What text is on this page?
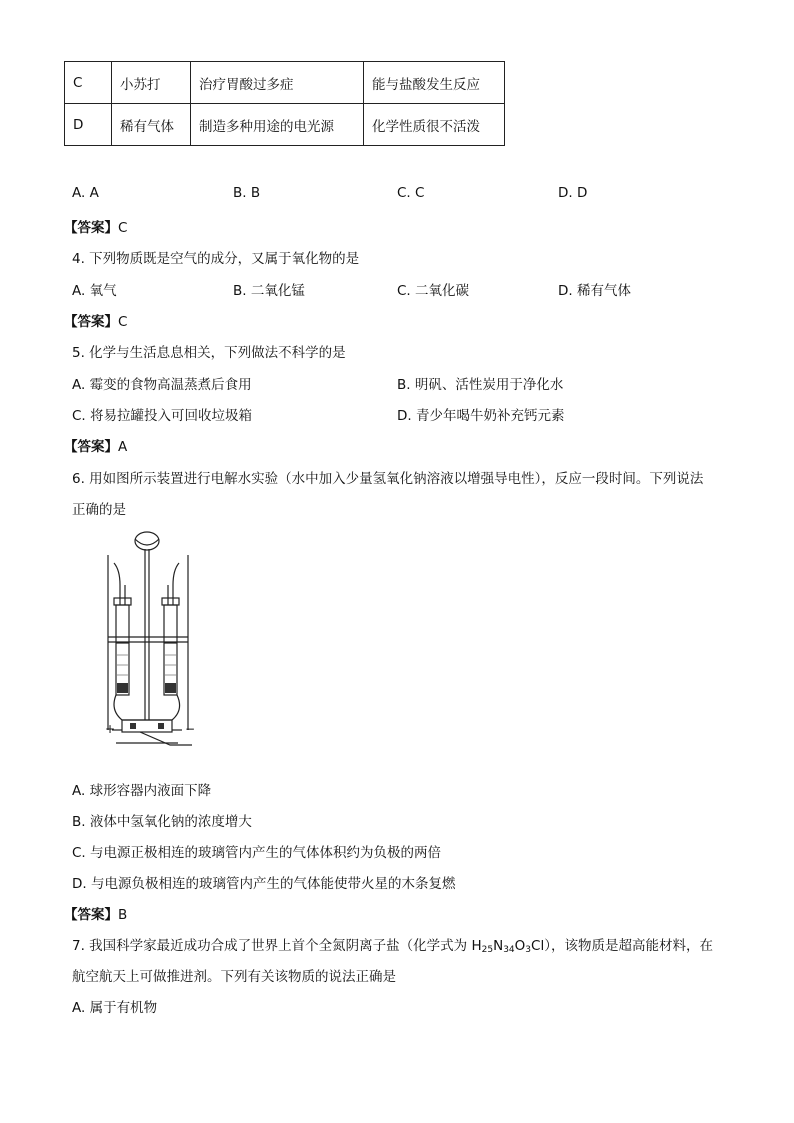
C	小苏打	治疗胃酸过多症	能与盐酸发生反应
D	稀有气体	制造多种用途的电光源	化学性质很不活泼
A. A	B. B	C. C	D. D
【答案】C
4. 下列物质既是空气的成分，又属于氧化物的是
A. 氧气	B. 二氧化锰	C. 二氧化碳	D. 稀有气体
【答案】C
5. 化学与生活息息相关，下列做法不科学的是
A. 霉变的食物高温蒸煮后食用	B. 明矾、活性炭用于净化水
C. 将易拉罐投入可回收垃圾箱	D. 青少年喝牛奶补充钙元素
【答案】A
6. 用如图所示装置进行电解水实验（水中加入少量氢氧化钠溶液以增强导电性），反应一段时间。下列说法
正确的是
+	−
A. 球形容器内液面下降
B. 液体中氢氧化钠的浓度增大
C. 与电源正极相连的玻璃管内产生的气体体积约为负极的两倍
D. 与电源负极相连的玻璃管内产生的气体能使带火星的木条复燃
【答案】B
7. 我国科学家最近成功合成了世界上首个全氮阴离子盐（化学式为 $H_{25}N_{34}O_3Cl$），该物质是超高能材料，在
航空航天上可做推进剂。下列有关该物质的说法正确是
A. 属于有机物
